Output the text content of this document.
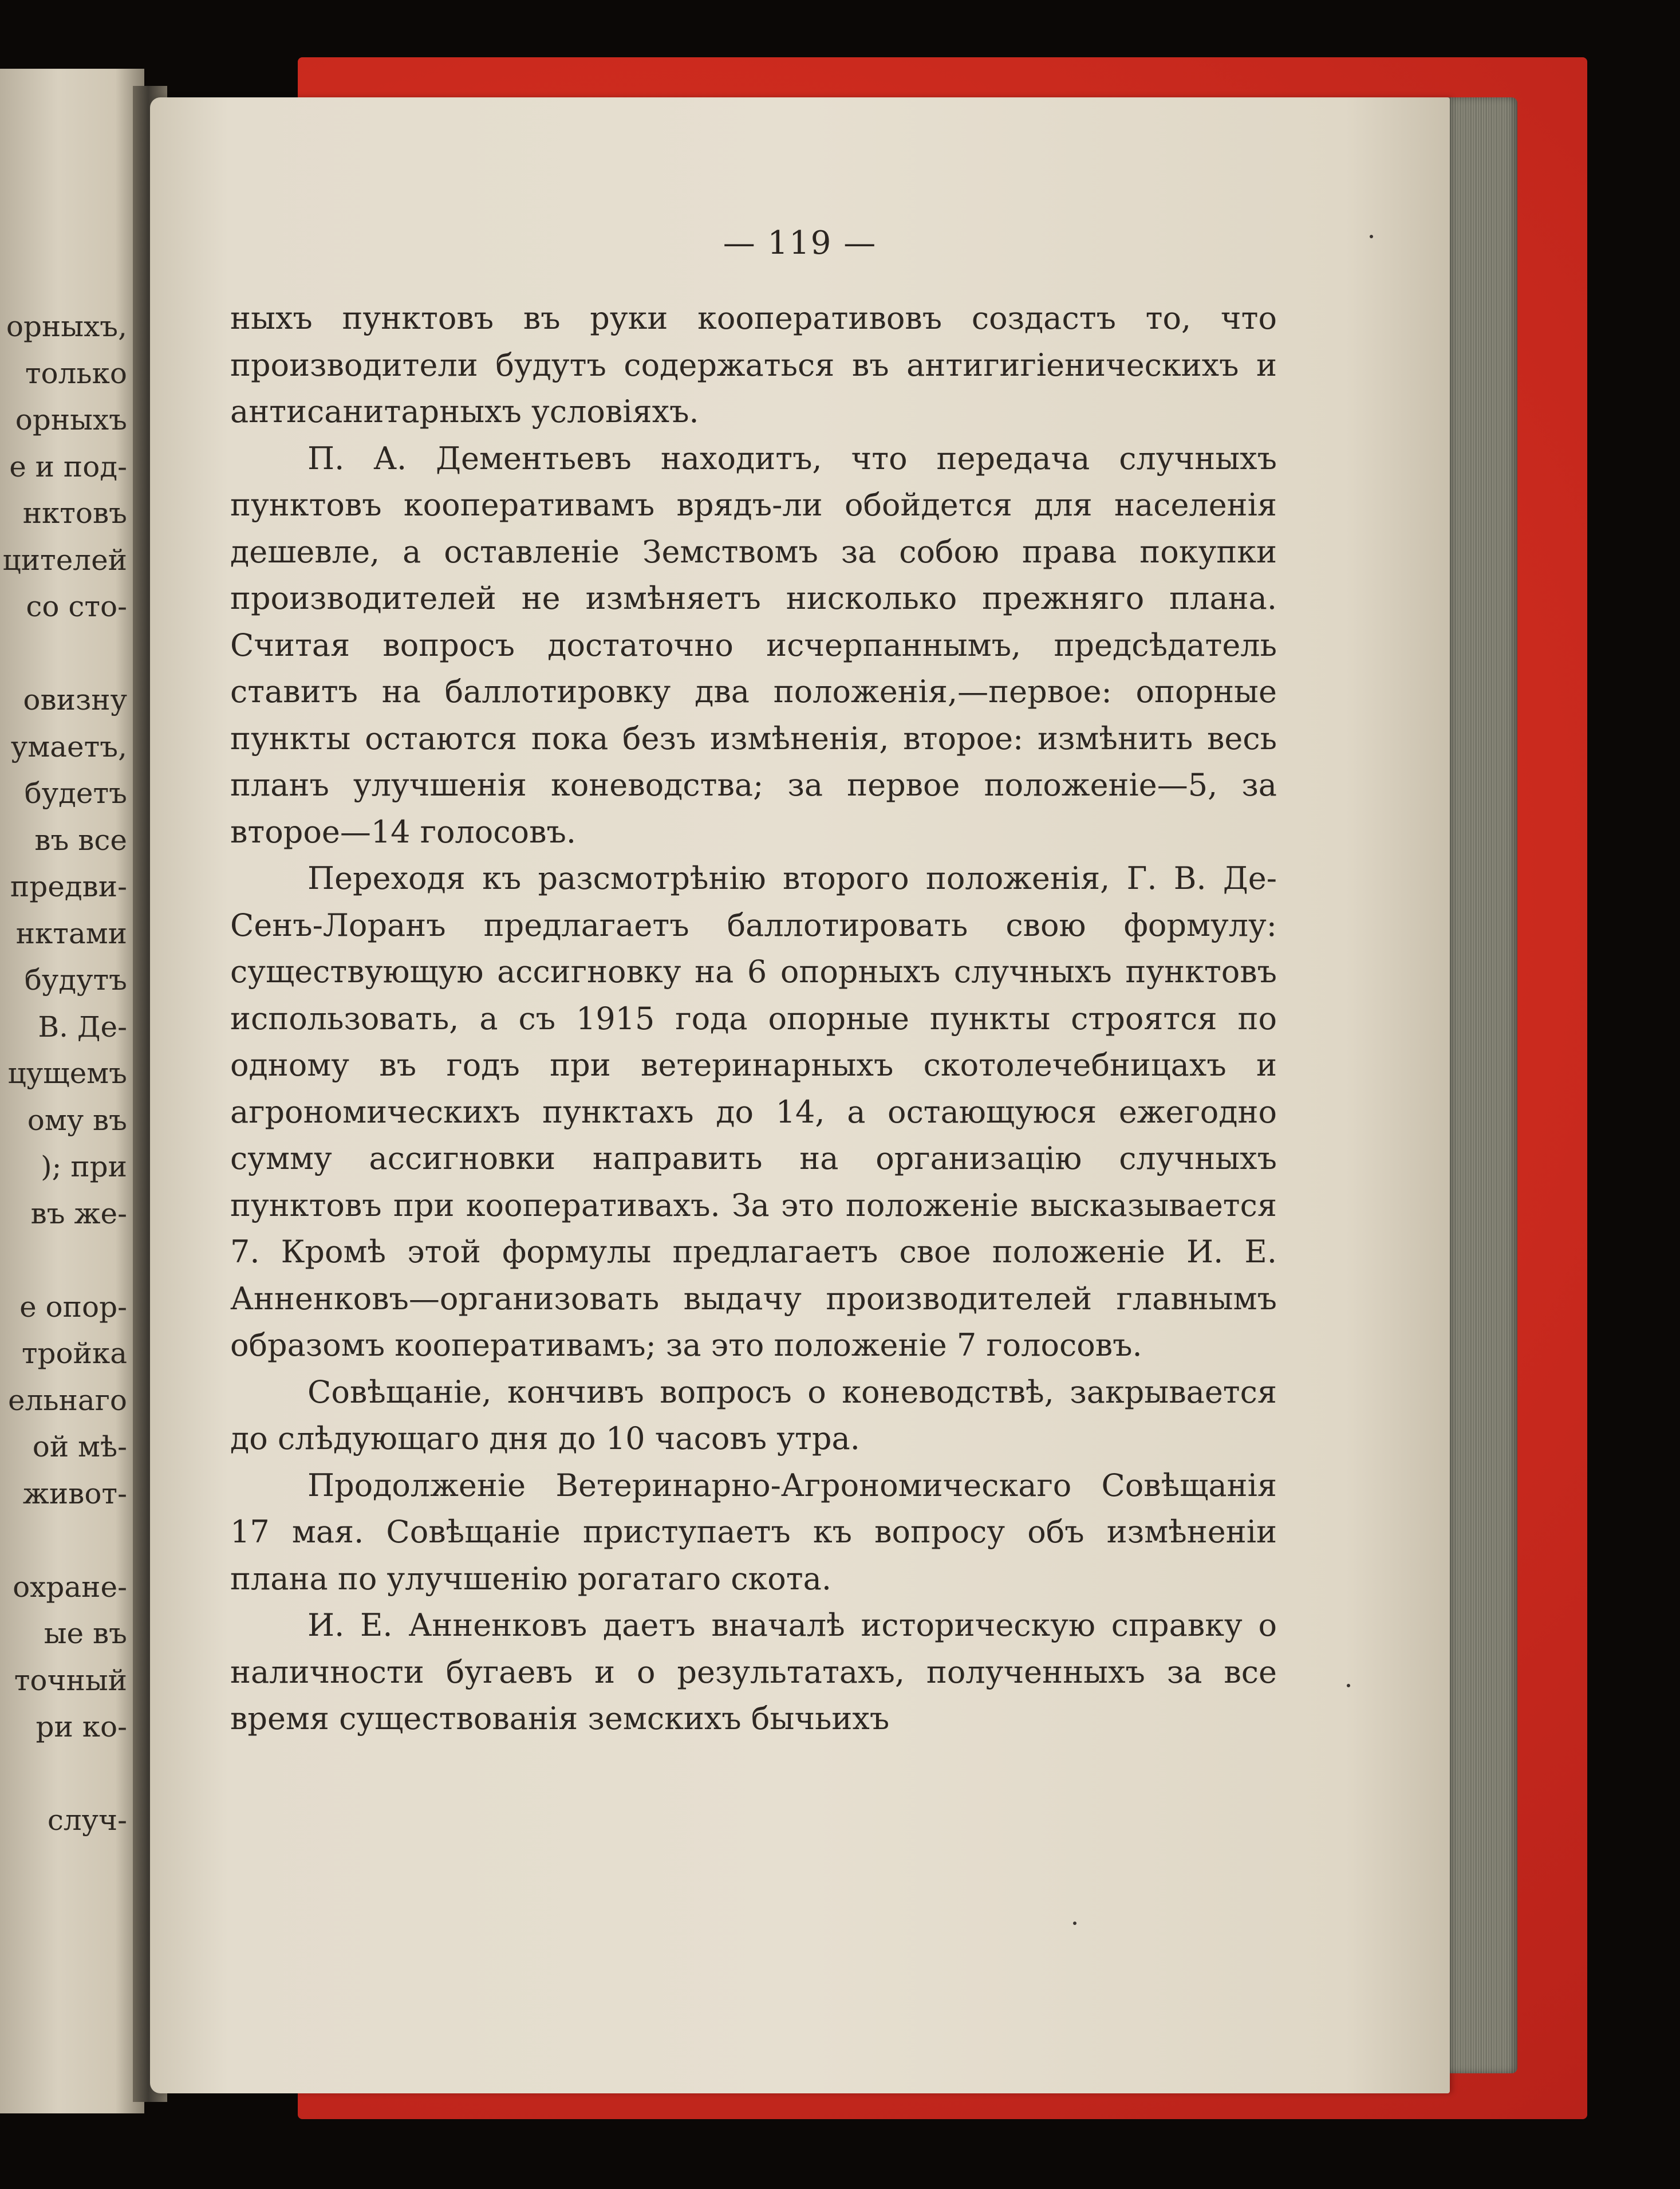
орныхъ,
только
орныхъ
е и под-
нктовъ
цителей
со сто-

овизну
умаетъ,
будетъ
въ все
предви-
нктами
будутъ
В. Де-
цущемъ
ому въ
); при
въ же-

е опор-
тройка
ельнаго
ой мѣ-
живот-

охране-
ые въ
точный
ри ко-

случ-
— 119 —

ныхъ пунктовъ въ руки кооперативовъ создастъ то, что производители будутъ содержаться въ антигигіеническихъ и антисанитарныхъ условіяхъ.

П. А. Дементьевъ находитъ, что передача случныхъ пунктовъ кооперативамъ врядъ-ли обойдется для населенія дешевле, а оставленіе Земствомъ за собою права покупки производителей не измѣняетъ нисколько прежняго плана. Считая вопросъ достаточно исчерпаннымъ, предсѣдатель ставитъ на баллотировку два положенія,—первое: опорные пункты остаются пока безъ измѣненія, второе: измѣнить весь планъ улучшенія коневодства; за первое положеніе—5, за второе—14 голосовъ.

Переходя къ разсмотрѣнію второго положенія, Г. В. Де-Сенъ-Лоранъ предлагаетъ баллотировать свою формулу: существующую ассигновку на 6 опорныхъ случныхъ пунктовъ использовать, а съ 1915 года опорные пункты строятся по одному въ годъ при ветеринарныхъ скотолечебницахъ и агрономическихъ пунктахъ до 14, а остающуюся ежегодно сумму ассигновки направить на организацію случныхъ пунктовъ при кооперативахъ. За это положеніе высказывается 7. Кромѣ этой формулы предлагаетъ свое положеніе И. Е. Анненковъ—организовать выдачу производителей главнымъ образомъ кооперативамъ; за это положеніе 7 голосовъ.

Совѣщаніе, кончивъ вопросъ о коневодствѣ, закрывается до слѣдующаго дня до 10 часовъ утра.

Продолженіе Ветеринарно-Агрономическаго Совѣщанія 17 мая. Совѣщаніе приступаетъ къ вопросу объ измѣненіи плана по улучшенію рогатаго скота.

И. Е. Анненковъ даетъ вначалѣ историческую справку о наличности бугаевъ и о результатахъ, полученныхъ за все время существованія земскихъ бычьихъ
